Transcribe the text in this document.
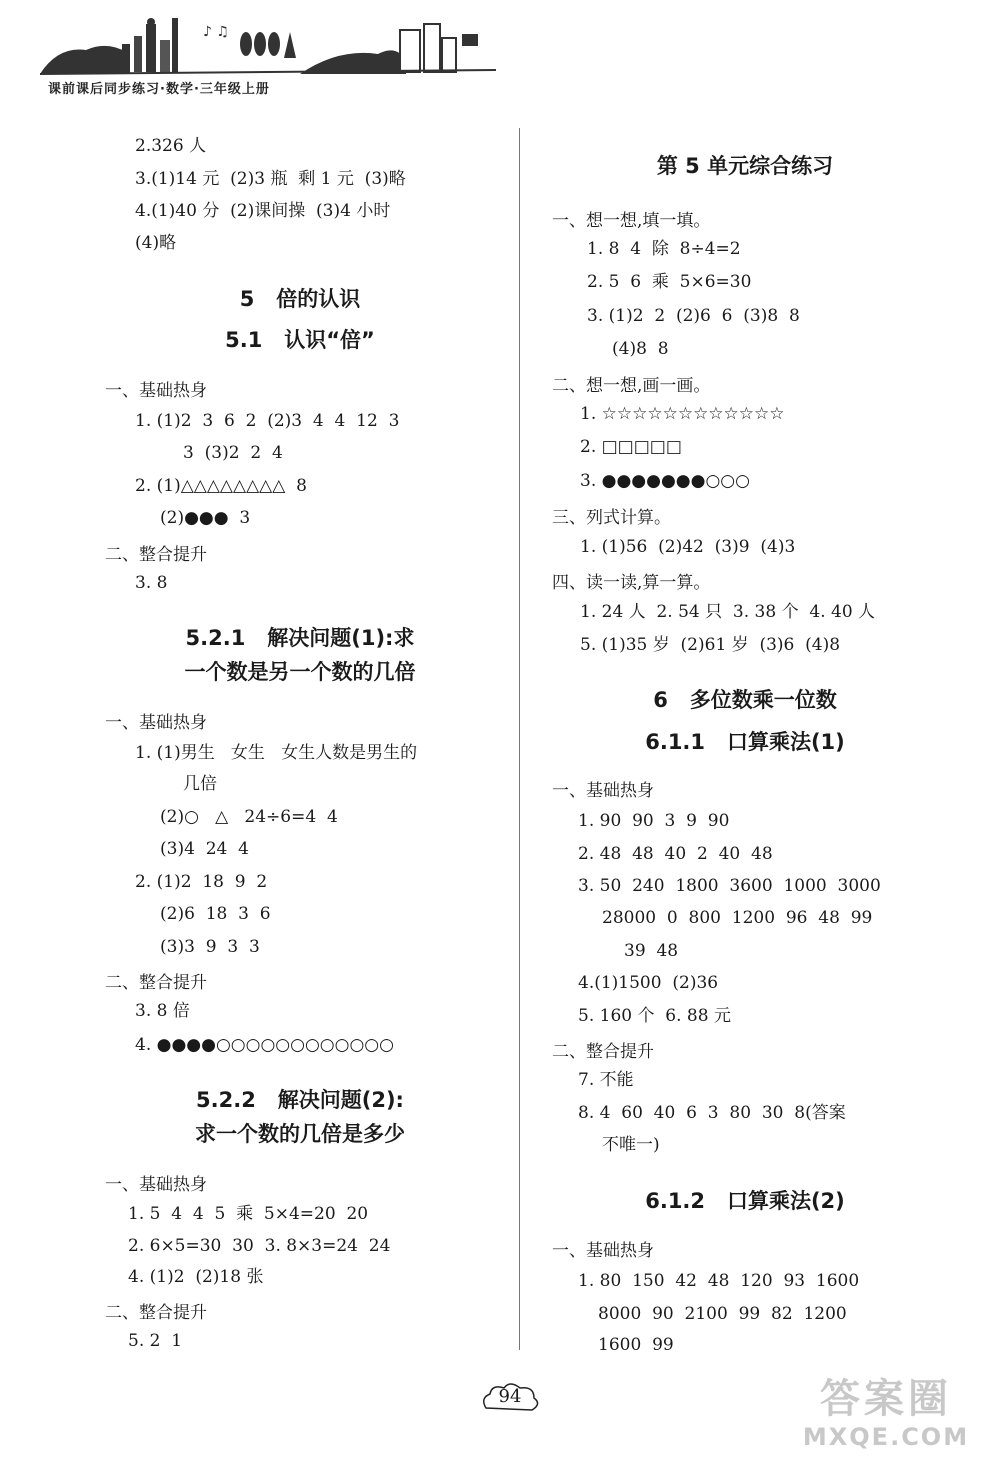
♪ ♫
课前课后同步练习·数学·三年级上册
2.326 人
3.(1)14 元  (2)3 瓶  剩 1 元  (3)略
4.(1)40 分  (2)课间操  (3)4 小时
(4)略
5   倍的认识
5.1   认识“倍”
一、基础热身
1. (1)2  3  6  2  (2)3  4  4  12  3
3  (3)2  2  4
2. (1)△△△△△△△△  8
(2)●●●  3
二、整合提升
3. 8
5.2.1   解决问题(1):求
一个数是另一个数的几倍
一、基础热身
1. (1)男生   女生   女生人数是男生的
几倍
(2)○   △   24÷6=4  4
(3)4  24  4
2. (1)2  18  9  2
(2)6  18  3  6
(3)3  9  3  3
二、整合提升
3. 8 倍
4. ●●●●○○○○○○○○○○○○
5.2.2   解决问题(2):
求一个数的几倍是多少
一、基础热身
1. 5  4  4  5  乘  5×4=20  20
2. 6×5=30  30  3. 8×3=24  24
4. (1)2  (2)18 张
二、整合提升
5. 2  1
第 5 单元综合练习
一、想一想,填一填。
1. 8  4  除  8÷4=2
2. 5  6  乘  5×6=30
3. (1)2  2  (2)6  6  (3)8  8
(4)8  8
二、想一想,画一画。
1. ☆☆☆☆☆☆☆☆☆☆☆☆
2. □□□□□
3. ●●●●●●●○○○
三、列式计算。
1. (1)56  (2)42  (3)9  (4)3
四、读一读,算一算。
1. 24 人  2. 54 只  3. 38 个  4. 40 人
5. (1)35 岁  (2)61 岁  (3)6  (4)8
6   多位数乘一位数
6.1.1   口算乘法(1)
一、基础热身
1. 90  90  3  9  90
2. 48  48  40  2  40  48
3. 50  240  1800  3600  1000  3000
28000  0  800  1200  96  48  99
39  48
4.(1)1500  (2)36
5. 160 个  6. 88 元
二、整合提升
7. 不能
8. 4  60  40  6  3  80  30  8(答案
不唯一)
6.1.2   口算乘法(2)
一、基础热身
1. 80  150  42  48  120  93  1600
8000  90  2100  99  82  1200
1600  99
94	答案圈
MXQE.COM
